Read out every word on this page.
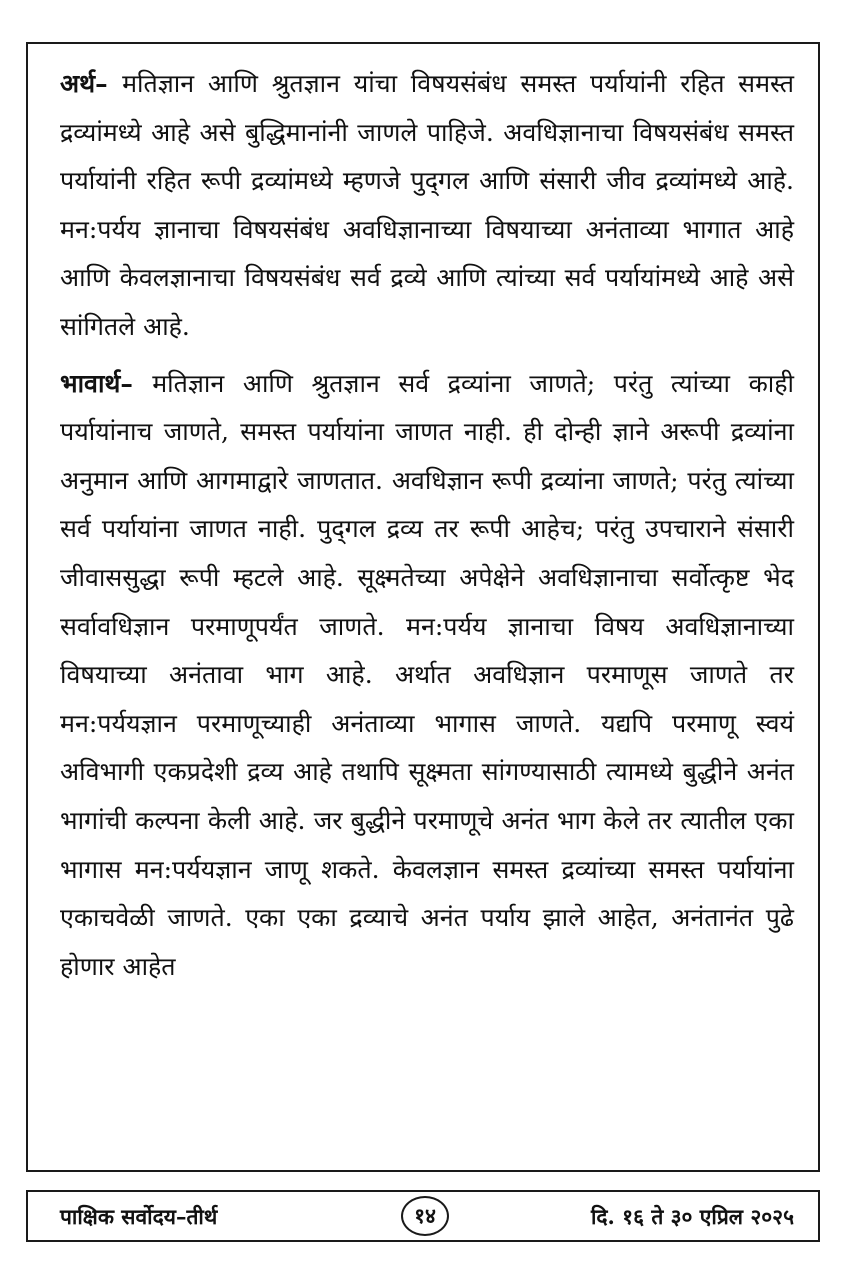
अर्थ– मतिज्ञान आणि श्रुतज्ञान यांचा विषयसंबंध समस्त पर्यायांनी रहित समस्त द्रव्यांमध्ये आहे असे बुद्धिमानांनी जाणले पाहिजे. अवधिज्ञानाचा विषयसंबंध समस्त पर्यायांनी रहित रूपी द्रव्यांमध्ये म्हणजे पुद्‌गल आणि संसारी जीव द्रव्यांमध्ये आहे. मन:पर्यय ज्ञानाचा विषयसंबंध अवधिज्ञानाच्या विषयाच्या अनंताव्या भागात आहे आणि केवलज्ञानाचा विषयसंबंध सर्व द्रव्ये आणि त्यांच्या सर्व पर्यायांमध्ये आहे असे सांगितले आहे.

भावार्थ– मतिज्ञान आणि श्रुतज्ञान सर्व द्रव्यांना जाणते; परंतु त्यांच्या काही पर्यायांनाच जाणते, समस्त पर्यायांना जाणत नाही. ही दोन्ही ज्ञाने अरूपी द्रव्यांना अनुमान आणि आगमाद्वारे जाणतात. अवधिज्ञान रूपी द्रव्यांना जाणते; परंतु त्यांच्या सर्व पर्यायांना जाणत नाही. पुद्‌गल द्रव्य तर रूपी आहेच; परंतु उपचाराने संसारी जीवाससुद्धा रूपी म्हटले आहे. सूक्ष्मतेच्या अपेक्षेने अवधिज्ञानाचा सर्वोत्कृष्ट भेद सर्वावधिज्ञान परमाणूपर्यंत जाणते. मन:पर्यय ज्ञानाचा विषय अवधिज्ञानाच्या विषयाच्या अनंतावा भाग आहे. अर्थात अवधिज्ञान परमाणूस जाणते तर मन:पर्ययज्ञान परमाणूच्याही अनंताव्या भागास जाणते. यद्यपि परमाणू स्वयं अविभागी एकप्रदेशी द्रव्य आहे तथापि सूक्ष्मता सांगण्यासाठी त्यामध्ये बुद्धीने अनंत भागांची कल्पना केली आहे. जर बुद्धीने परमाणूचे अनंत भाग केले तर त्यातील एका भागास मन:पर्ययज्ञान जाणू शकते. केवलज्ञान समस्त द्रव्यांच्या समस्त पर्यायांना एकाचवेळी जाणते. एका एका द्रव्याचे अनंत पर्याय झाले आहेत, अनंतानंत पुढे होणार आहेत

पाक्षिक सर्वोदय–तीर्थ	१४	दि. १६ ते ३० एप्रिल २०२५
